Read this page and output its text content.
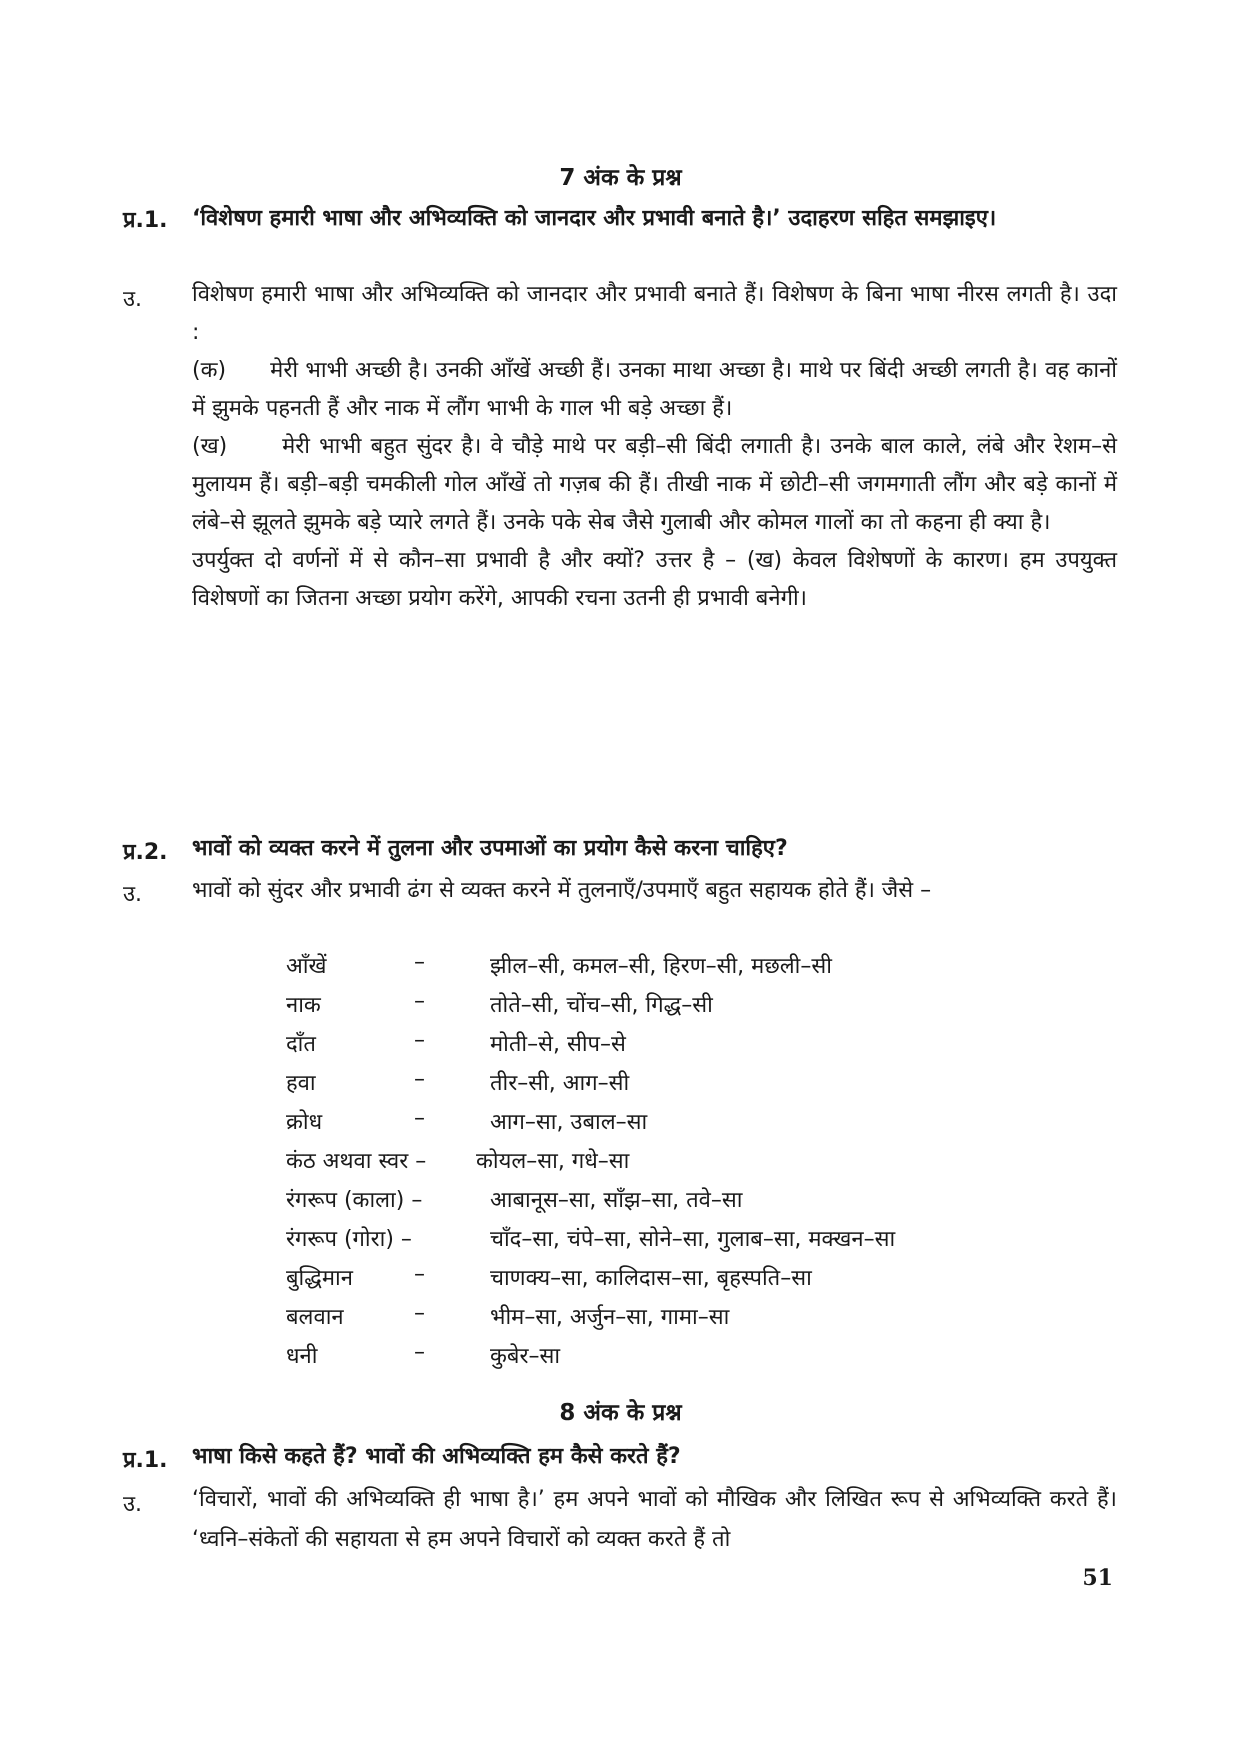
7 अंक के प्रश्न
प्र.1. ‘विशेषण हमारी भाषा और अभिव्यक्ति को जानदार और प्रभावी बनाते है।’ उदाहरण सहित समझाइए।
उ. विशेषण हमारी भाषा और अभिव्यक्ति को जानदार और प्रभावी बनाते हैं। विशेषण के बिना भाषा नीरस लगती है। उदा :

(क)      मेरी भाभी अच्छी है। उनकी आँखें अच्छी हैं। उनका माथा अच्छा है। माथे पर बिंदी अच्छी लगती है। वह कानों में झुमके पहनती हैं और नाक में लौंग भाभी के गाल भी बड़े अच्छा हैं।

(ख)      मेरी भाभी बहुत सुंदर है। वे चौड़े माथे पर बड़ी–सी बिंदी लगाती है। उनके बाल काले, लंबे और रेशम–से मुलायम हैं। बड़ी–बड़ी चमकीली गोल आँखें तो गज़ब की हैं। तीखी नाक में छोटी–सी जगमगाती लौंग और बड़े कानों में लंबे–से झूलते झुमके बड़े प्यारे लगते हैं। उनके पके सेब जैसे गुलाबी और कोमल गालों का तो कहना ही क्या है।

उपर्युक्त दो वर्णनों में से कौन–सा प्रभावी है और क्यों? उत्तर है – (ख) केवल विशेषणों के कारण। हम उपयुक्त विशेषणों का जितना अच्छा प्रयोग करेंगे, आपकी रचना उतनी ही प्रभावी बनेगी।

प्र.2. भावों को व्यक्त करने में तुलना और उपमाओं का प्रयोग कैसे करना चाहिए?
उ. भावों को सुंदर और प्रभावी ढंग से व्यक्त करने में तुलनाएँ/उपमाएँ बहुत सहायक होते हैं। जैसे –
आँखें	–	झील–सी, कमल–सी, हिरण–सी, मछली–सी
नाक	–	तोते–सी, चोंच–सी, गिद्ध–सी
दाँत	–	मोती–से, सीप–से
हवा	–	तीर–सी, आग–सी
क्रोध	–	आग–सा, उबाल–सा
कंठ अथवा स्वर – कोयल–सा, गधे–सा
रंगरूप (काला) –	आबानूस–सा, साँझ–सा, तवे–सा
रंगरूप (गोरा) –	चाँद–सा, चंपे–सा, सोने–सा, गुलाब–सा, मक्खन–सा
बुद्धिमान	–	चाणक्य–सा, कालिदास–सा, बृहस्पति–सा
बलवान	–	भीम–सा, अर्जुन–सा, गामा–सा
धनी	–	कुबेर–सा
8 अंक के प्रश्न
प्र.1. भाषा किसे कहते हैं? भावों की अभिव्यक्ति हम कैसे करते हैं?
उ. ‘विचारों, भावों की अभिव्यक्ति ही भाषा है।’ हम अपने भावों को मौखिक और लिखित रूप से अभिव्यक्ति करते हैं। ‘ध्वनि–संकेतों की सहायता से हम अपने विचारों को व्यक्त करते हैं तो
51
